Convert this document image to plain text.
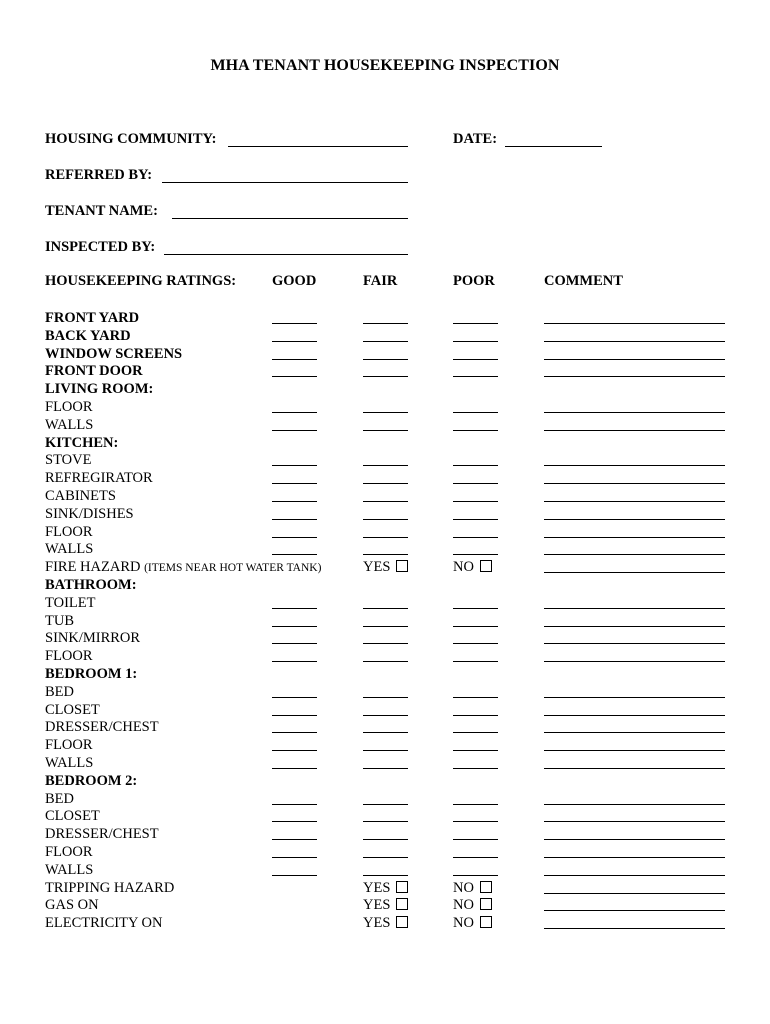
MHA TENANT HOUSEKEEPING INSPECTION
HOUSING COMMUNITY:	DATE:
REFERRED BY:
TENANT NAME:
INSPECTED BY:
HOUSEKEEPING RATINGS: GOOD	FAIR	POOR	COMMENT
FRONT YARD
BACK YARD
WINDOW SCREENS
FRONT DOOR
LIVING ROOM:
FLOOR
WALLS
KITCHEN:
STOVE
REFREGIRATOR
CABINETS
SINK/DISHES
FLOOR
WALLS
FIRE HAZARD (ITEMS NEAR HOT WATER TANK)	YES	NO
BATHROOM:
TOILET
TUB
SINK/MIRROR
FLOOR
BEDROOM 1:
BED
CLOSET
DRESSER/CHEST
FLOOR
WALLS
BEDROOM 2:
BED
CLOSET
DRESSER/CHEST
FLOOR
WALLS
TRIPPING HAZARD	YES	NO
GAS ON	YES	NO
ELECTRICITY ON	YES	NO
